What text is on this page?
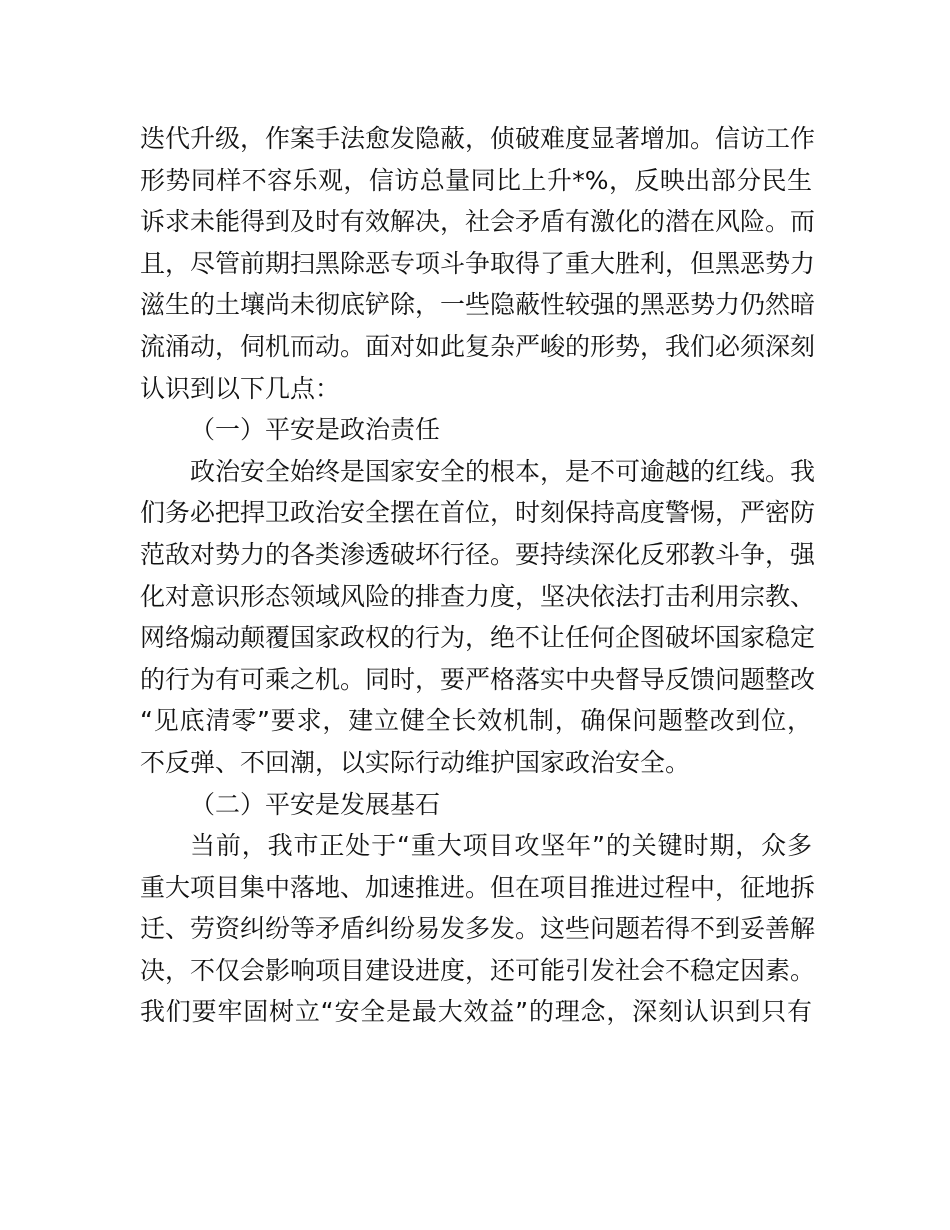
迭代升级，作案手法愈发隐蔽，侦破难度显著增加。信访工作
形势同样不容乐观，信访总量同比上升*%，反映出部分民生
诉求未能得到及时有效解决，社会矛盾有激化的潜在风险。而
且，尽管前期扫黑除恶专项斗争取得了重大胜利，但黑恶势力
滋生的土壤尚未彻底铲除，一些隐蔽性较强的黑恶势力仍然暗
流涌动，伺机而动。面对如此复杂严峻的形势，我们必须深刻
认识到以下几点：
（一）平安是政治责任
政治安全始终是国家安全的根本，是不可逾越的红线。我
们务必把捍卫政治安全摆在首位，时刻保持高度警惕，严密防
范敌对势力的各类渗透破坏行径。要持续深化反邪教斗争，强
化对意识形态领域风险的排查力度，坚决依法打击利用宗教、
网络煽动颠覆国家政权的行为，绝不让任何企图破坏国家稳定
的行为有可乘之机。同时，要严格落实中央督导反馈问题整改
“见底清零”要求，建立健全长效机制，确保问题整改到位，
不反弹、不回潮，以实际行动维护国家政治安全。
（二）平安是发展基石
当前，我市正处于“重大项目攻坚年”的关键时期，众多
重大项目集中落地、加速推进。但在项目推进过程中，征地拆
迁、劳资纠纷等矛盾纠纷易发多发。这些问题若得不到妥善解
决，不仅会影响项目建设进度，还可能引发社会不稳定因素。
我们要牢固树立“安全是最大效益”的理念，深刻认识到只有
